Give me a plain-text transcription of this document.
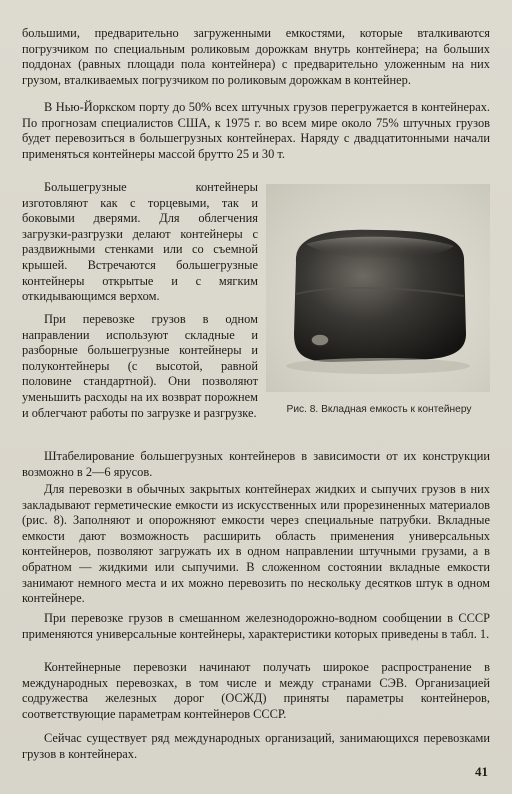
большими, предварительно загруженными емкостями, которые вталкиваются погрузчиком по специальным роликовым дорожкам внутрь контейнера; на больших поддонах (равных площади пола контейнера) с предварительно уложенным на них грузом, вталкиваемых погрузчиком по роликовым дорожкам в контейнер.

В Нью-Йоркском порту до 50% всех штучных грузов перегружается в контейнерах. По прогнозам специалистов США, к 1975 г. во всем мире около 75% штучных грузов будет перевозиться в большегрузных контейнерах. Наряду с двадцатитонными начали применяться контейнеры массой брутто 25 и 30 т.

Большегрузные контейнеры изготовляют как с торцевыми, так и боковыми дверями. Для облегчения загрузки-разгрузки делают контейнеры с раздвижными стенками или со съемной крышей. Встречаются большегрузные контейнеры открытые и с мягким откидывающимся верхом.

При перевозке грузов в одном направлении используют складные и разборные большегрузные контейнеры и полуконтейнеры (с высотой, равной половине стандартной). Они позволяют уменьшить расходы на их возврат порожнем и облегчают работы по загрузке и разгрузке.	Рис. 8. Вкладная емкость к контейнеру

Штабелирование большегрузных контейнеров в зависимости от их конструкции возможно в 2—6 ярусов.

Для перевозки в обычных закрытых контейнерах жидких и сыпучих грузов в них закладывают герметические емкости из искусственных или прорезиненных материалов (рис. 8). Заполняют и опорожняют емкости через специальные патрубки. Вкладные емкости дают возможность расширить область применения универсальных контейнеров, позволяют загружать их в одном направлении штучными грузами, а в обратном — жидкими или сыпучими. В сложенном состоянии вкладные емкости занимают немного места и их можно перевозить по нескольку десятков штук в одном контейнере.

При перевозке грузов в смешанном железнодорожно-водном сообщении в СССР применяются универсальные контейнеры, характеристики которых приведены в табл. 1.

Контейнерные перевозки начинают получать широкое распространение в международных перевозках, в том числе и между странами СЭВ. Организацией содружества железных дорог (ОСЖД) приняты параметры контейнеров, соответствующие параметрам контейнеров СССР.

Сейчас существует ряд международных организаций, занимающихся перевозками грузов в контейнерах.

41
